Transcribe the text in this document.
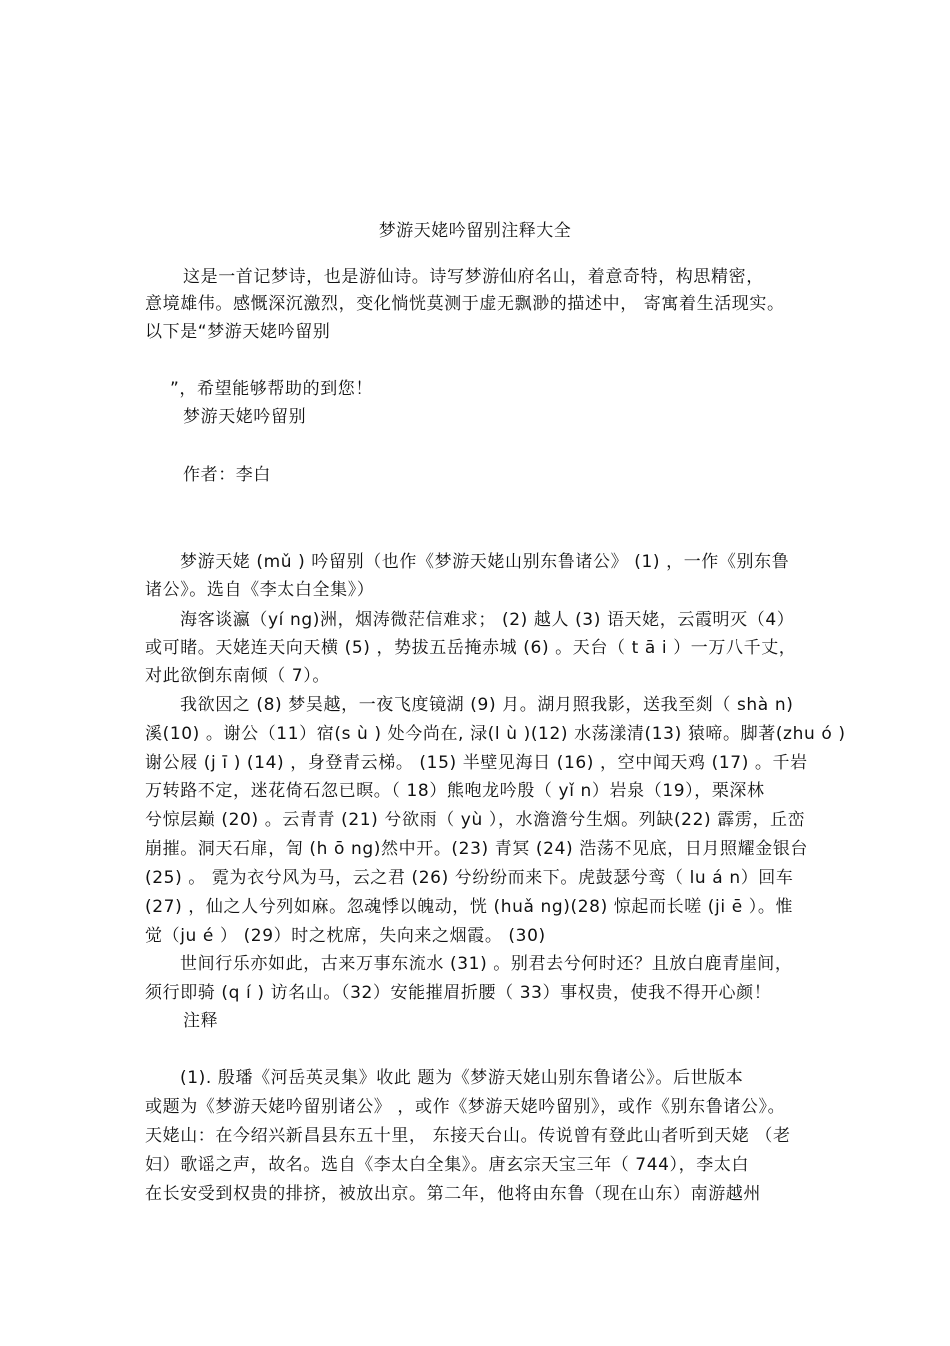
梦游天姥吟留别注释大全
这是一首记梦诗，也是游仙诗。诗写梦游仙府名山，着意奇特，构思精密，
意境雄伟。感慨深沉激烈，变化惝恍莫测于虚无飘渺的描述中， 寄寓着生活现实。
以下是“梦游天姥吟留别
”，希望能够帮助的到您！
梦游天姥吟留别
作者：李白
梦游天姥 (mǔ ) 吟留别（也作《梦游天姥山别东鲁诸公》 (1) ，一作《别东鲁
诸公》。选自《李太白全集》）
海客谈瀛（yí ng)洲，烟涛微茫信难求； (2) 越人 (3) 语天姥，云霞明灭（4）
或可睹。天姥连天向天横 (5) ，势拔五岳掩赤城 (6) 。天台（ t ā i ）一万八千丈，
对此欲倒东南倾（ 7）。
我欲因之 (8) 梦吴越，一夜飞度镜湖 (9) 月。湖月照我影，送我至剡（ shà n)
溪(10) 。谢公（11）宿(s ù ) 处今尚在, 渌(l ù )(12) 水荡漾清(13) 猿啼。脚著(zhu ó )
谢公屐 (j ī ) (14) ，身登青云梯。 (15) 半壁见海日 (16) ，空中闻天鸡 (17) 。千岩
万转路不定，迷花倚石忽已暝。（ 18）熊咆龙吟殷（ yǐ n）岩泉（19），栗深林
兮惊层巅 (20) 。云青青 (21) 兮欲雨（ yù ），水澹澹兮生烟。列缺(22) 霹雳，丘峦
崩摧。洞天石扉，訇 (h ō ng)然中开。(23) 青冥 (24) 浩荡不见底，日月照耀金银台
(25) 。 霓为衣兮风为马，云之君 (26) 兮纷纷而来下。虎鼓瑟兮鸾（ lu á n）回车
(27) ，仙之人兮列如麻。忽魂悸以魄动，恍 (huǎ ng)(28) 惊起而长嗟 (ji ē ）。惟
觉（ju é ） (29）时之枕席，失向来之烟霞。 (30)
世间行乐亦如此，古来万事东流水 (31) 。别君去兮何时还？且放白鹿青崖间，
须行即骑 (q í ) 访名山。（32）安能摧眉折腰（ 33）事权贵，使我不得开心颜！
注释
(1). 殷璠《河岳英灵集》收此 题为《梦游天姥山别东鲁诸公》。后世版本
或题为《梦游天姥吟留别诸公》 ，或作《梦游天姥吟留别》，或作《别东鲁诸公》。
天姥山：在今绍兴新昌县东五十里， 东接天台山。传说曾有登此山者听到天姥 （老
妇）歌谣之声，故名。选自《李太白全集》。唐玄宗天宝三年（ 744），李太白
在长安受到权贵的排挤，被放出京。第二年，他将由东鲁（现在山东）南游越州
